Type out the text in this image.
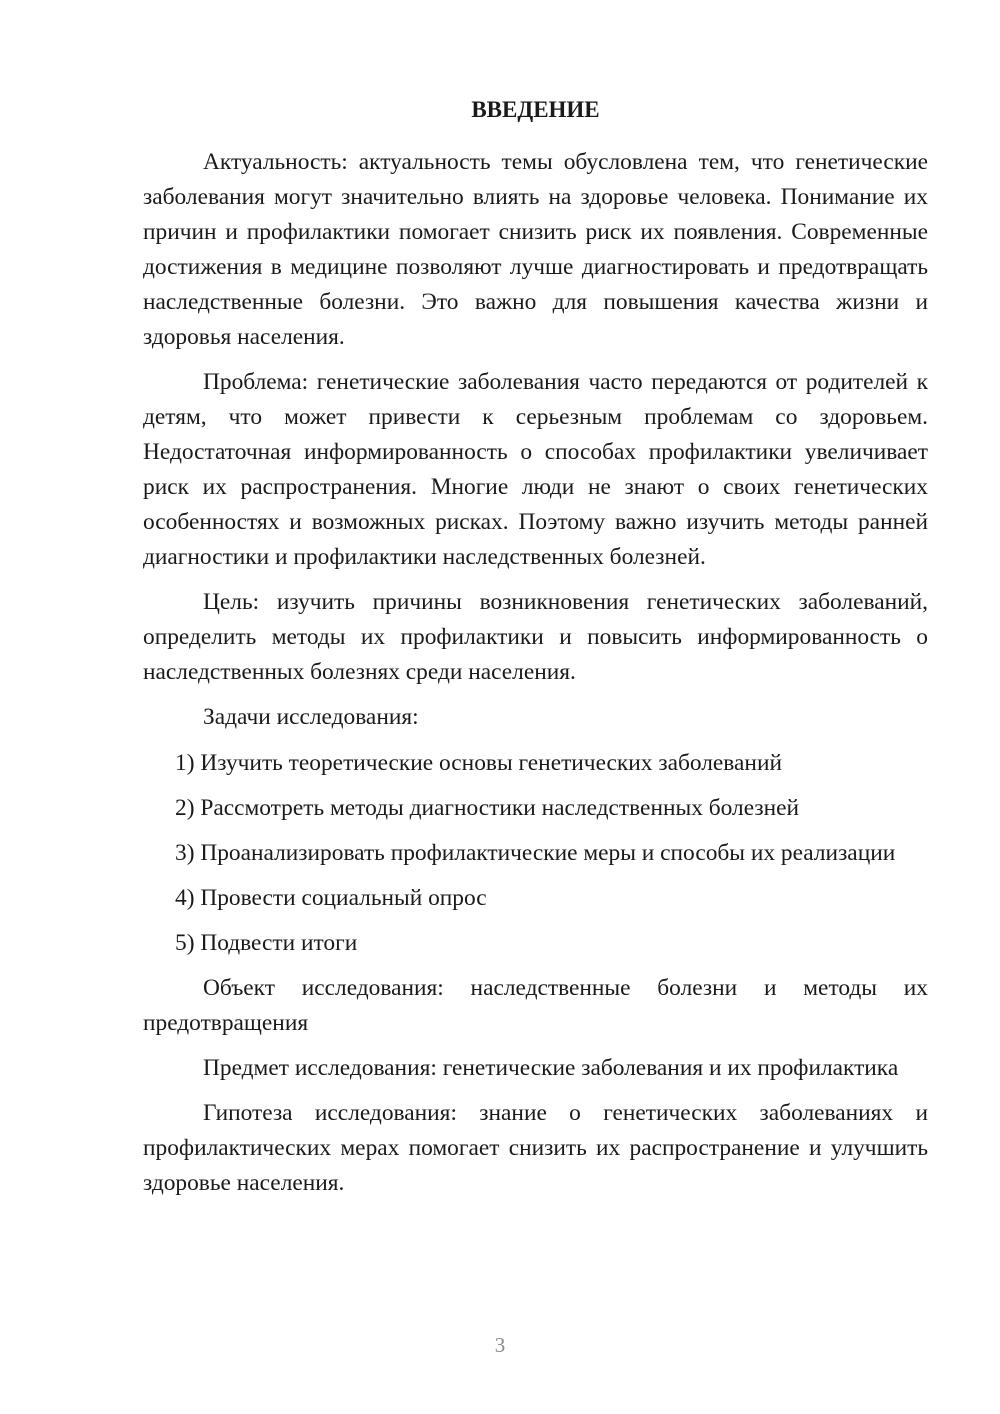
ВВЕДЕНИЕ

Актуальность: актуальность темы обусловлена тем, что генетические заболевания могут значительно влиять на здоровье человека. Понимание их причин и профилактики помогает снизить риск их появления. Современные достижения в медицине позволяют лучше диагностировать и предотвращать наследственные болезни. Это важно для повышения качества жизни и здоровья населения.

Проблема: генетические заболевания часто передаются от родителей к детям, что может привести к серьезным проблемам со здоровьем. Недостаточная информированность о способах профилактики увеличивает риск их распространения. Многие люди не знают о своих генетических особенностях и возможных рисках. Поэтому важно изучить методы ранней диагностики и профилактики наследственных болезней.

Цель: изучить причины возникновения генетических заболеваний, определить методы их профилактики и повысить информированность о наследственных болезнях среди населения.

Задачи исследования:

1) Изучить теоретические основы генетических заболеваний

2) Рассмотреть методы диагностики наследственных болезней

3) Проанализировать профилактические меры и способы их реализации

4) Провести социальный опрос

5) Подвести итоги

Объект исследования: наследственные болезни и методы их предотвращения

Предмет исследования: генетические заболевания и их профилактика

Гипотеза исследования: знание о генетических заболеваниях и профилактических мерах помогает снизить их распространение и улучшить здоровье населения.

3
